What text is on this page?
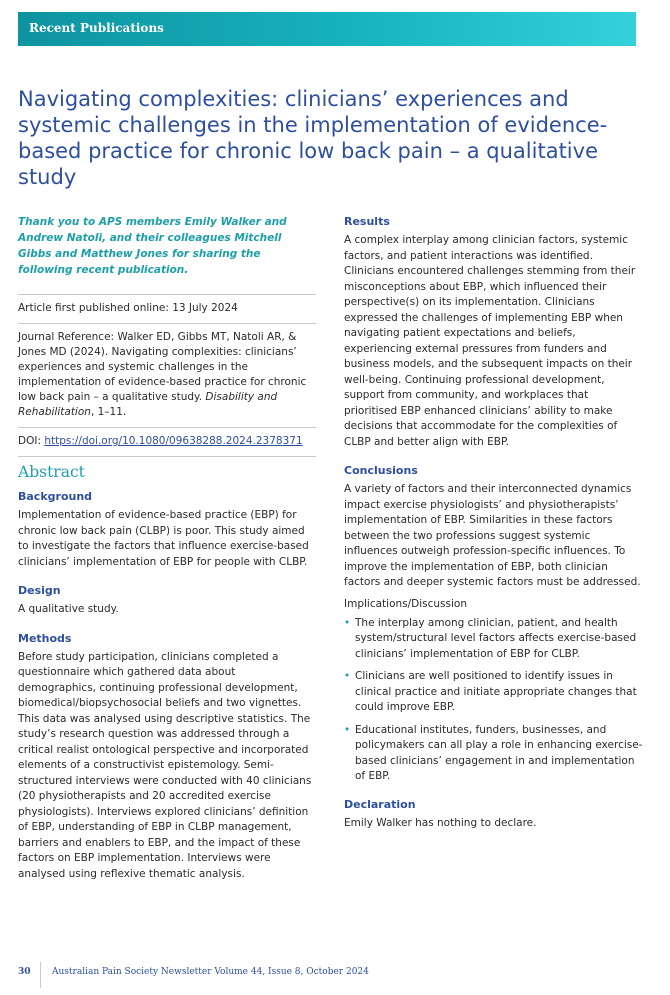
Recent Publications
Navigating complexities: clinicians’ experiences and systemic challenges in the implementation of evidence-based practice for chronic low back pain – a qualitative study

Thank you to APS members Emily Walker and Andrew Natoli, and their colleagues Mitchell Gibbs and Matthew Jones for sharing the following recent publication.

Article first published online: 13 July 2024
Journal Reference: Walker ED, Gibbs MT, Natoli AR, & Jones MD (2024). Navigating complexities: clinicians’ experiences and systemic challenges in the implementation of evidence-based practice for chronic low back pain – a qualitative study. Disability and Rehabilitation, 1–11.
DOI: https://doi.org/10.1080/09638288.2024.2378371
Abstract
Background

Implementation of evidence-based practice (EBP) for chronic low back pain (CLBP) is poor. This study aimed to investigate the factors that influence exercise-based clinicians’ implementation of EBP for people with CLBP.

Design

A qualitative study.

Methods

Before study participation, clinicians completed a questionnaire which gathered data about demographics, continuing professional development, biomedical/biopsychosocial beliefs and two vignettes. This data was analysed using descriptive statistics. The study’s research question was addressed through a critical realist ontological perspective and incorporated elements of a constructivist epistemology. Semi-structured interviews were conducted with 40 clinicians (20 physiotherapists and 20 accredited exercise physiologists). Interviews explored clinicians’ definition of EBP, understanding of EBP in CLBP management, barriers and enablers to EBP, and the impact of these factors on EBP implementation. Interviews were analysed using reflexive thematic analysis.

Results

A complex interplay among clinician factors, systemic factors, and patient interactions was identified. Clinicians encountered challenges stemming from their misconceptions about EBP, which influenced their perspective(s) on its implementation. Clinicians expressed the challenges of implementing EBP when navigating patient expectations and beliefs, experiencing external pressures from funders and business models, and the subsequent impacts on their well-being. Continuing professional development, support from community, and workplaces that prioritised EBP enhanced clinicians’ ability to make decisions that accommodate for the complexities of CLBP and better align with EBP.

Conclusions

A variety of factors and their interconnected dynamics impact exercise physiologists’ and physiotherapists’ implementation of EBP. Similarities in these factors between the two professions suggest systemic influences outweigh profession-specific influences. To improve the implementation of EBP, both clinician factors and deeper systemic factors must be addressed.

Implications/Discussion
• The interplay among clinician, patient, and health system/structural level factors affects exercise-based clinicians’ implementation of EBP for CLBP.
• Clinicians are well positioned to identify issues in clinical practice and initiate appropriate changes that could improve EBP.
• Educational institutes, funders, businesses, and policymakers can all play a role in enhancing exercise-based clinicians’ engagement in and implementation of EBP.
Declaration

Emily Walker has nothing to declare.

30 Australian Pain Society Newsletter Volume 44, Issue 8, October 2024
